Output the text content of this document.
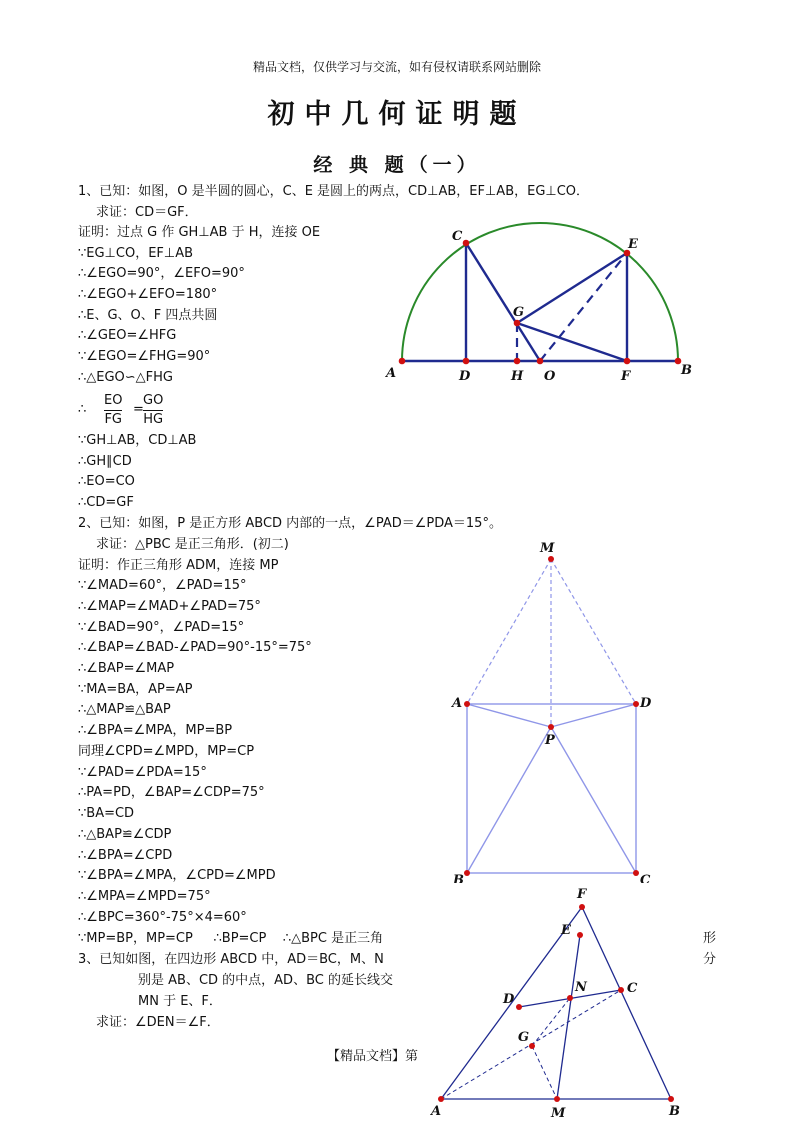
精品文档，仅供学习与交流，如有侵权请联系网站删除
初中几何证明题
经 典 题（一）
1、已知：如图，O 是半圆的圆心，C、E 是圆上的两点，CD⊥AB，EF⊥AB，EG⊥CO．
求证：CD＝GF．
证明：过点 G 作 GH⊥AB 于 H，连接 OE
∵EG⊥CO，EF⊥AB
∴∠EGO=90°，∠EFO=90°
∴∠EGO+∠EFO=180°
∴E、G、O、F 四点共圆
∴∠GEO=∠HFG
∵∠EGO=∠FHG=90°
∴△EGO∽△FHG
∴
EO
FG
=
GO
HG
∵GH⊥AB，CD⊥AB
∴GH∥CD
∴EO=CO
∴CD=GF
A	D	H O	F	B
C
E
G
2、已知：如图，P 是正方形 ABCD 内部的一点，∠PAD＝∠PDA＝15°。
求证：△PBC 是正三角形．(初二)
证明：作正三角形 ADM，连接 MP
∵∠MAD=60°，∠PAD=15°
∴∠MAP=∠MAD+∠PAD=75°
∵∠BAD=90°，∠PAD=15°
∴∠BAP=∠BAD-∠PAD=90°-15°=75°
∴∠BAP=∠MAP
∵MA=BA，AP=AP
∴△MAP≌△BAP
∴∠BPA=∠MPA，MP=BP
同理∠CPD=∠MPD，MP=CP
∵∠PAD=∠PDA=15°
∴PA=PD，∠BAP=∠CDP=75°
∵BA=CD
∴△BAP≌∠CDP
∴∠BPA=∠CPD
∵∠BPA=∠MPA，∠CPD=∠MPD
∴∠MPA=∠MPD=75°
∴∠BPC=360°-75°×4=60°
∵MP=BP，MP=CP     ∴BP=CP    ∴△BPC 是正三角	形
M
A	D
P
B	C
3、已知如图，在四边形 ABCD 中，AD＝BC，M、N	分
别是 AB、CD 的中点，AD、BC 的延长线交
MN 于 E、F．
求证：∠DEN＝∠F．
F
E
N	C
D
G
A	M	B
【精品文档】第
